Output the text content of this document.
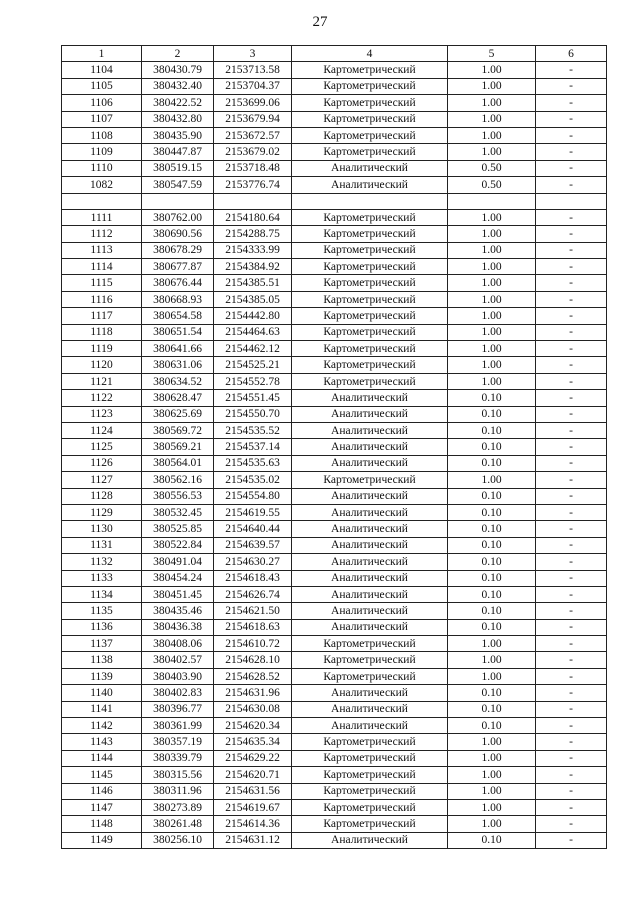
27
1	2	3	4	5	6
1104	380430.79	2153713.58	Картометрический	1.00	-
1105	380432.40	2153704.37	Картометрический	1.00	-
1106	380422.52	2153699.06	Картометрический	1.00	-
1107	380432.80	2153679.94	Картометрический	1.00	-
1108	380435.90	2153672.57	Картометрический	1.00	-
1109	380447.87	2153679.02	Картометрический	1.00	-
1110	380519.15	2153718.48	Аналитический	0.50	-
1082	380547.59	2153776.74	Аналитический	0.50	-

1111	380762.00	2154180.64	Картометрический	1.00	-
1112	380690.56	2154288.75	Картометрический	1.00	-
1113	380678.29	2154333.99	Картометрический	1.00	-
1114	380677.87	2154384.92	Картометрический	1.00	-
1115	380676.44	2154385.51	Картометрический	1.00	-
1116	380668.93	2154385.05	Картометрический	1.00	-
1117	380654.58	2154442.80	Картометрический	1.00	-
1118	380651.54	2154464.63	Картометрический	1.00	-
1119	380641.66	2154462.12	Картометрический	1.00	-
1120	380631.06	2154525.21	Картометрический	1.00	-
1121	380634.52	2154552.78	Картометрический	1.00	-
1122	380628.47	2154551.45	Аналитический	0.10	-
1123	380625.69	2154550.70	Аналитический	0.10	-
1124	380569.72	2154535.52	Аналитический	0.10	-
1125	380569.21	2154537.14	Аналитический	0.10	-
1126	380564.01	2154535.63	Аналитический	0.10	-
1127	380562.16	2154535.02	Картометрический	1.00	-
1128	380556.53	2154554.80	Аналитический	0.10	-
1129	380532.45	2154619.55	Аналитический	0.10	-
1130	380525.85	2154640.44	Аналитический	0.10	-
1131	380522.84	2154639.57	Аналитический	0.10	-
1132	380491.04	2154630.27	Аналитический	0.10	-
1133	380454.24	2154618.43	Аналитический	0.10	-
1134	380451.45	2154626.74	Аналитический	0.10	-
1135	380435.46	2154621.50	Аналитический	0.10	-
1136	380436.38	2154618.63	Аналитический	0.10	-
1137	380408.06	2154610.72	Картометрический	1.00	-
1138	380402.57	2154628.10	Картометрический	1.00	-
1139	380403.90	2154628.52	Картометрический	1.00	-
1140	380402.83	2154631.96	Аналитический	0.10	-
1141	380396.77	2154630.08	Аналитический	0.10	-
1142	380361.99	2154620.34	Аналитический	0.10	-
1143	380357.19	2154635.34	Картометрический	1.00	-
1144	380339.79	2154629.22	Картометрический	1.00	-
1145	380315.56	2154620.71	Картометрический	1.00	-
1146	380311.96	2154631.56	Картометрический	1.00	-
1147	380273.89	2154619.67	Картометрический	1.00	-
1148	380261.48	2154614.36	Картометрический	1.00	-
1149	380256.10	2154631.12	Аналитический	0.10	-
